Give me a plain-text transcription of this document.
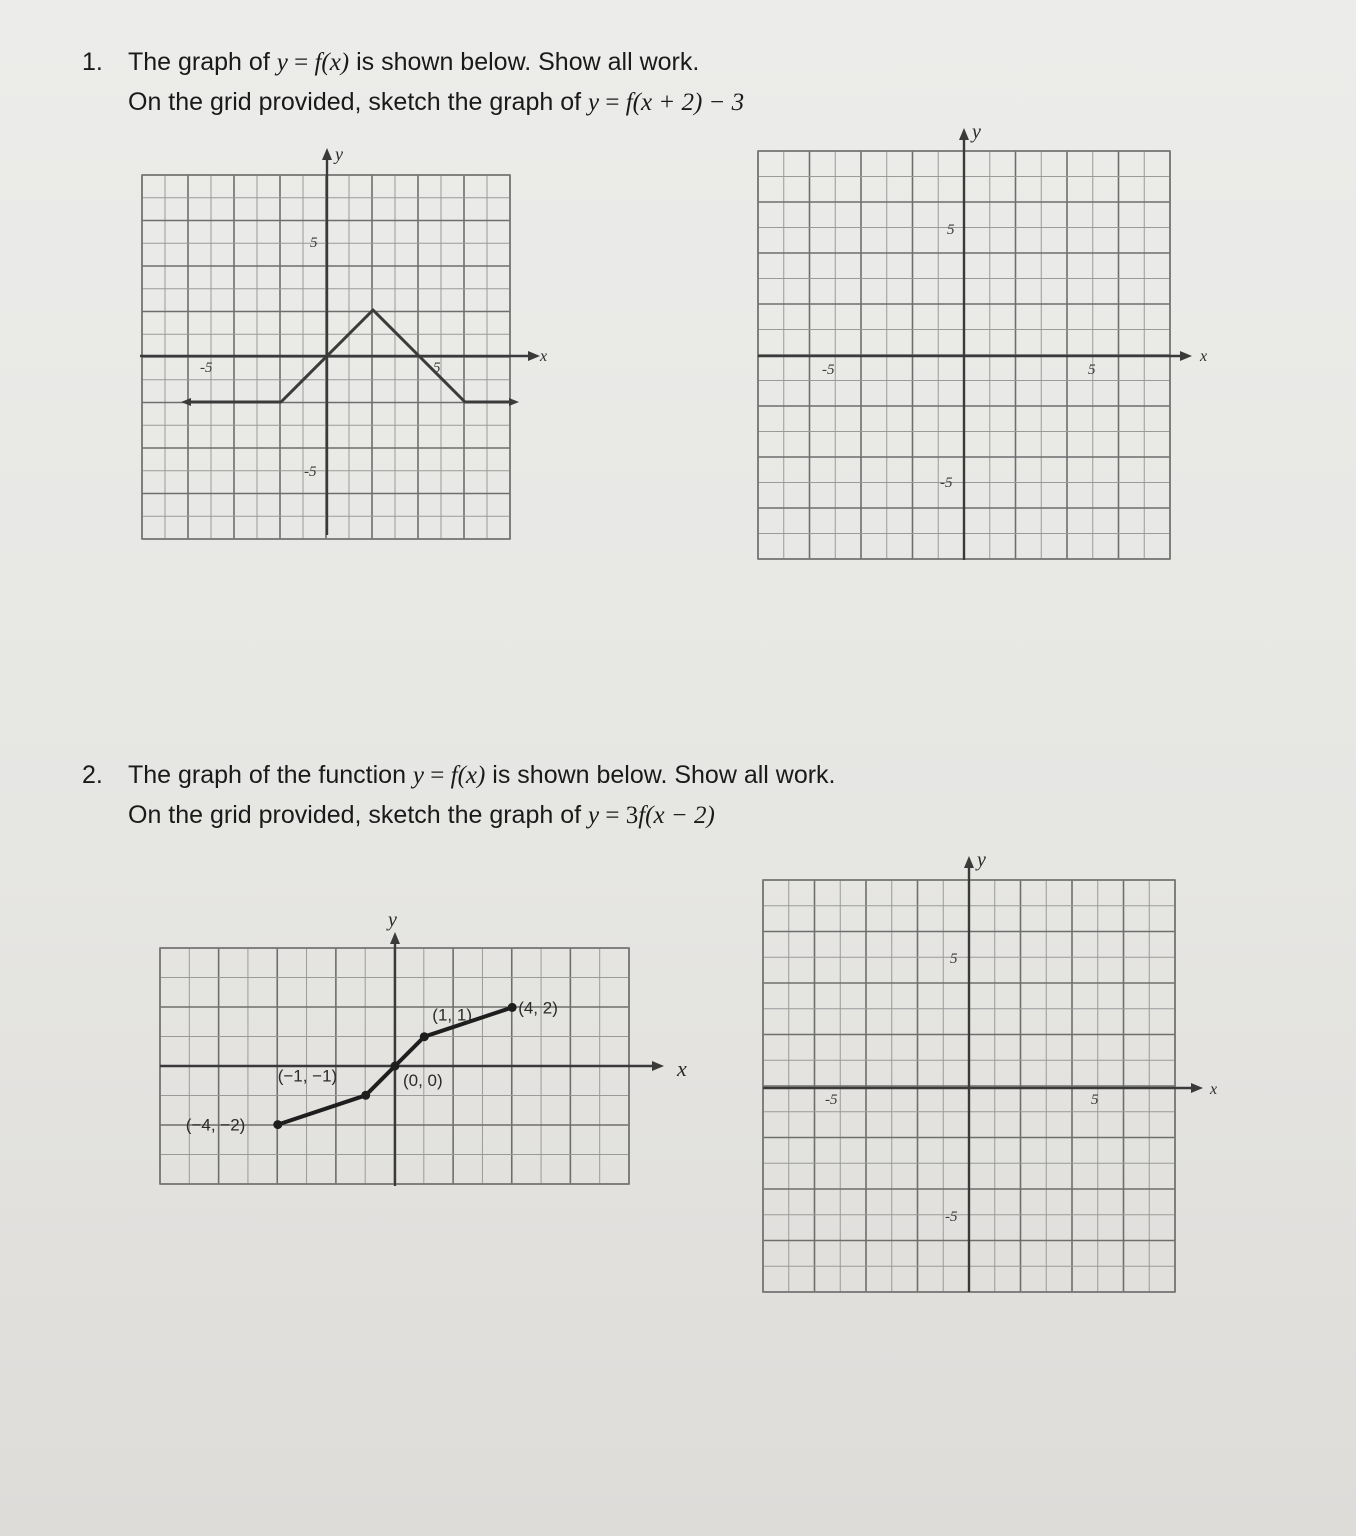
1. The graph of y = f(x) is shown below. Show all work.
On the grid provided, sketch the graph of y = f(x + 2) − 3
2. The graph of the function y = f(x) is shown below. Show all work.
On the grid provided, sketch the graph of y = 3f(x − 2)
x
y
-5	5
5
-5
x
y
-5	5
5
-5
x
y
(−4, −2)
(−1, −1)	(0, 0)
(1, 1)	(4, 2)
x
y
-5	5
5
-5
